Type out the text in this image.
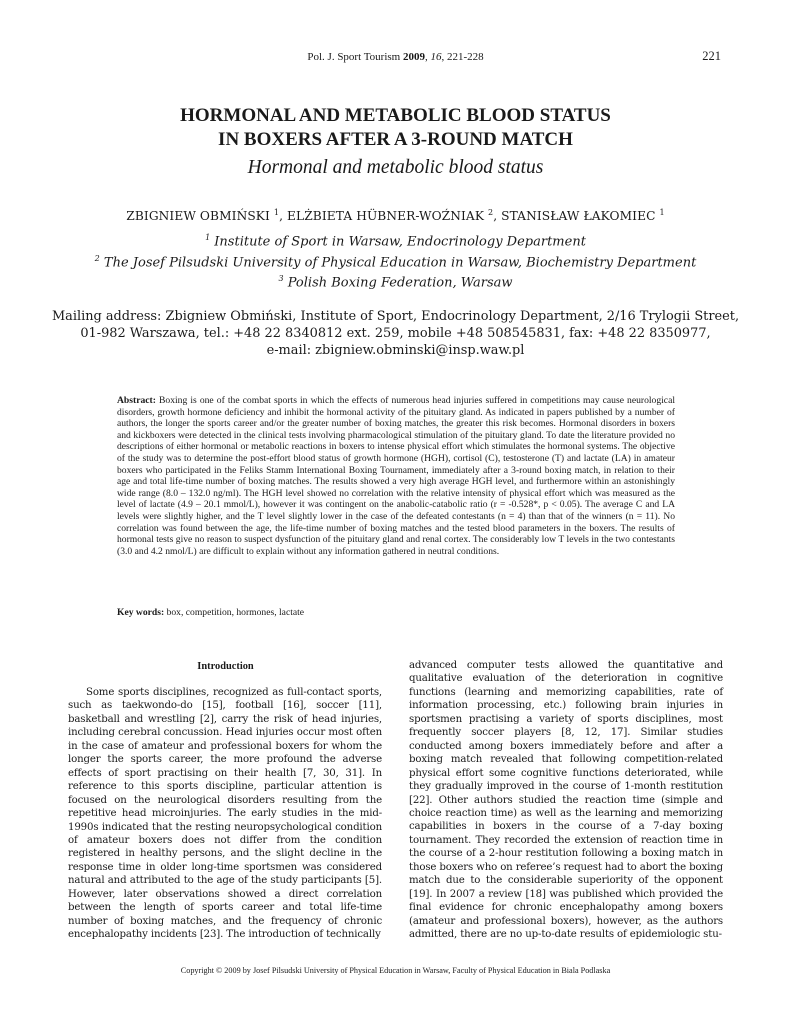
Pol. J. Sport Tourism 2009, 16, 221-228	221
HORMONAL AND METABOLIC BLOOD STATUS
IN BOXERS AFTER A 3-ROUND MATCH
Hormonal and metabolic blood status
ZBIGNIEW OBMIŃSKI $^1$, ELŻBIETA HÜBNER-WOŹNIAK $^2$, STANISŁAW ŁAKOMIEC $^1$
$^1$ Institute of Sport in Warsaw, Endocrinology Department
$^2$ The Josef Pilsudski University of Physical Education in Warsaw, Biochemistry Department
$^3$ Polish Boxing Federation, Warsaw
Mailing address: Zbigniew Obmiński, Institute of Sport, Endocrinology Department, 2/16 Trylogii Street,
01-982 Warszawa, tel.: +48 22 8340812 ext. 259, mobile +48 508545831, fax: +48 22 8350977,
e-mail: zbigniew.obminski@insp.waw.pl
Abstract: Boxing is one of the combat sports in which the effects of numerous head injuries suffered in competitions may cause neurological disorders, growth hormone deficiency and inhibit the hormonal activity of the pituitary gland. As indicated in papers published by a number of authors, the longer the sports career and/or the greater number of boxing matches, the greater this risk becomes. Hormonal disorders in boxers and kickboxers were detected in the clinical tests involving pharmacological stimulation of the pituitary gland. To date the literature provided no descriptions of either hormonal or metabolic reactions in boxers to intense physical effort which stimulates the hormonal systems. The objective of the study was to determine the post-effort blood status of growth hormone (HGH), cortisol (C), testosterone (T) and lactate (LA) in amateur boxers who participated in the Feliks Stamm International Boxing Tournament, immediately after a 3-round boxing match, in relation to their age and total life-time number of boxing matches. The results showed a very high average HGH level, and furthermore within an astonishingly wide range (8.0 – 132.0 ng/ml). The HGH level showed no correlation with the relative intensity of physical effort which was measured as the level of lactate (4.9 – 20.1 mmol/L), however it was contingent on the anabolic-catabolic ratio (r = -0.528*, p < 0.05). The average C and LA levels were slightly higher, and the T level slightly lower in the case of the defeated contestants (n = 4) than that of the winners (n = 11). No correlation was found between the age, the life-time number of boxing matches and the tested blood parameters in the boxers. The results of hormonal tests give no reason to suspect dysfunction of the pituitary gland and renal cortex. The considerably low T levels in the two contestants (3.0 and 4.2 nmol/L) are difficult to explain without any information gathered in neutral conditions.
Key words: box, competition, hormones, lactate
Introduction
Some sports disciplines, recognized as full-contact sports, such as taekwondo-do [15], football [16], soccer [11], basketball and wrestling [2], carry the risk of head injuries, including cerebral concussion. Head injuries occur most often in the case of amateur and professional boxers for whom the longer the sports career, the more profound the adverse effects of sport practising on their health [7, 30, 31]. In reference to this sports discipline, particular attention is focused on the neurological disorders resulting from the repetitive head microinjuries. The early studies in the mid-1990s indicated that the resting neuropsychological condition of amateur boxers does not differ from the condition registered in healthy persons, and the slight decline in the response time in older long-time sportsmen was considered natural and attributed to the age of the study participants [5]. However, later observations showed a direct correlation between the length of sports career and total life-time number of boxing matches, and the frequency of chronic encephalopathy incidents [23]. The introduction of technically
advanced computer tests allowed the quantitative and qualitative evaluation of the deterioration in cognitive functions (learning and memorizing capabilities, rate of information processing, etc.) following brain injuries in sportsmen practising a variety of sports disciplines, most frequently soccer players [8, 12, 17]. Similar studies conducted among boxers immediately before and after a boxing match revealed that following competition-related physical effort some cognitive functions deteriorated, while they gradually improved in the course of 1-month restitution [22]. Other authors studied the reaction time (simple and choice reaction time) as well as the learning and memorizing capabilities in boxers in the course of a 7-day boxing tournament. They recorded the extension of reaction time in the course of a 2-hour restitution following a boxing match in those boxers who on referee’s request had to abort the boxing match due to the considerable superiority of the opponent [19]. In 2007 a review [18] was published which provided the final evidence for chronic encephalopathy among boxers (amateur and professional boxers), however, as the authors admitted, there are no up-to-date results of epidemiologic stu-
Copyright © 2009 by Josef Pilsudski University of Physical Education in Warsaw, Faculty of Physical Education in Biala Podlaska
